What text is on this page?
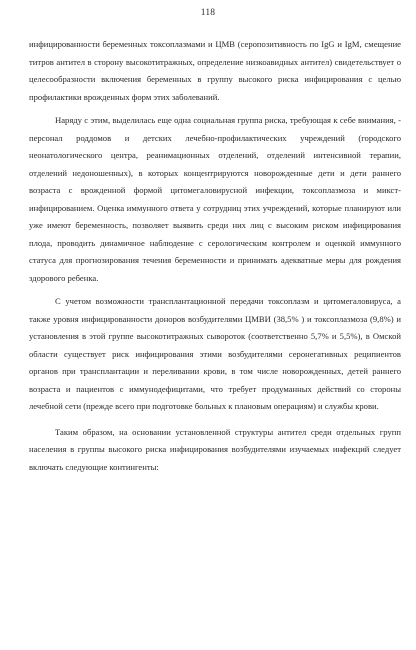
118

инфицированности беременных токсоплазмами и ЦМВ (серопозитивность по IgG и IgM, смещение титров антител в сторону высокотитражных, определение низкоавидных антител) свидетельствует о целесообразности включения беременных в группу высокого риска инфицирования с целью профилактики врожденных форм этих заболеваний.

Наряду с этим, выделилась еще одна социальная группа риска, требующая к себе внимания, - персонал роддомов и детских лечебно-профилактических учреждений (городского неонатологического центра, реанимационных отделений, отделений интенсивной терапии, отделений недоношенных), в которых концентрируются новорожденные дети и дети раннего возраста с врожденной формой цитомегаловирусной инфекции, токсоплазмоза и микст-инфицированием. Оценка иммунного ответа у сотрудниц этих учреждений, которые планируют или уже имеют беременность, позволяет выявить среди них лиц с высоким риском инфицирования плода, проводить динамичное наблюдение с серологическим контролем и оценкой иммунного статуса для прогнозирования течения беременности и принимать адекватные меры для рождения здорового ребенка.

С учетом возможности трансплантационной передачи токсоплазм и цитомегаловируса, а также уровня инфицированности доноров возбудителями ЦМВИ (38,5% ) и токсоплазмоза (9,8%) и установления в этой группе высокотитражных сывороток (соответственно 5,7% и 5,5%), в Омской области существует риск инфицирования этими возбудителями серонегативных реципиентов органов при трансплантации и переливании крови, в том числе новорожденных, детей раннего возраста и пациентов с иммунодефицитами, что требует продуманных действий со стороны лечебной сети (прежде всего при подготовке больных к плановым операциям) и службы крови.

Таким образом, на основании установленной структуры антител среди отдельных групп населения в группы высокого риска инфицирования возбудителями изучаемых инфекций следует включать следующие контингенты:
